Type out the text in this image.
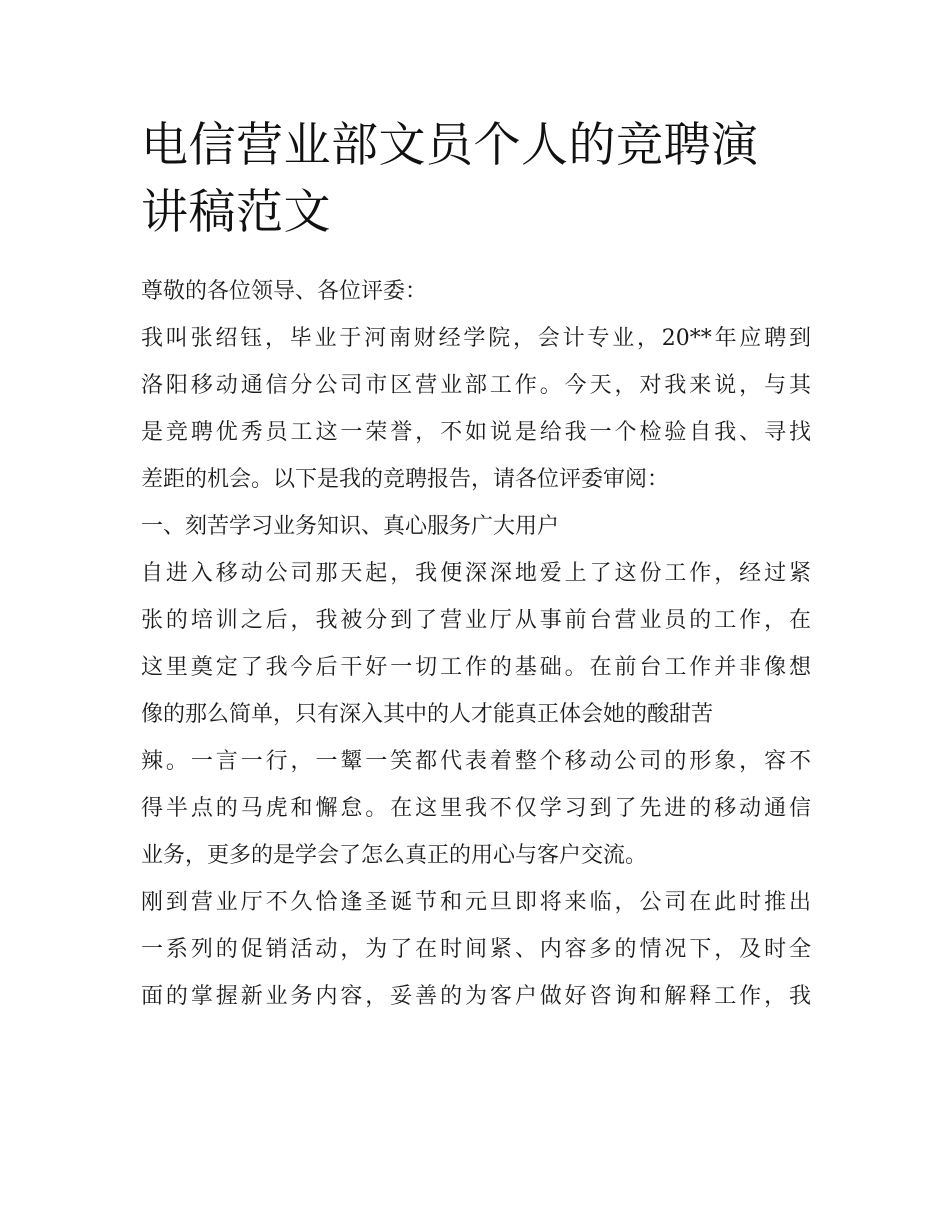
电信营业部文员个人的竞聘演
讲稿范文

尊敬的各位领导、各位评委：

我叫张绍钰，毕业于河南财经学院，会计专业，20**年应聘到
洛阳移动通信分公司市区营业部工作。今天，对我来说，与其
是竞聘优秀员工这一荣誉，不如说是给我一个检验自我、寻找
差距的机会。以下是我的竞聘报告，请各位评委审阅：

一、刻苦学习业务知识、真心服务广大用户

自进入移动公司那天起，我便深深地爱上了这份工作，经过紧
张的培训之后，我被分到了营业厅从事前台营业员的工作，在
这里奠定了我今后干好一切工作的基础。在前台工作并非像想
像的那么简单，只有深入其中的人才能真正体会她的酸甜苦
辣。一言一行，一颦一笑都代表着整个移动公司的形象，容不
得半点的马虎和懈怠。在这里我不仅学习到了先进的移动通信
业务，更多的是学会了怎么真正的用心与客户交流。

刚到营业厅不久恰逢圣诞节和元旦即将来临，公司在此时推出
一系列的促销活动，为了在时间紧、内容多的情况下，及时全
面的掌握新业务内容，妥善的为客户做好咨询和解释工作，我
